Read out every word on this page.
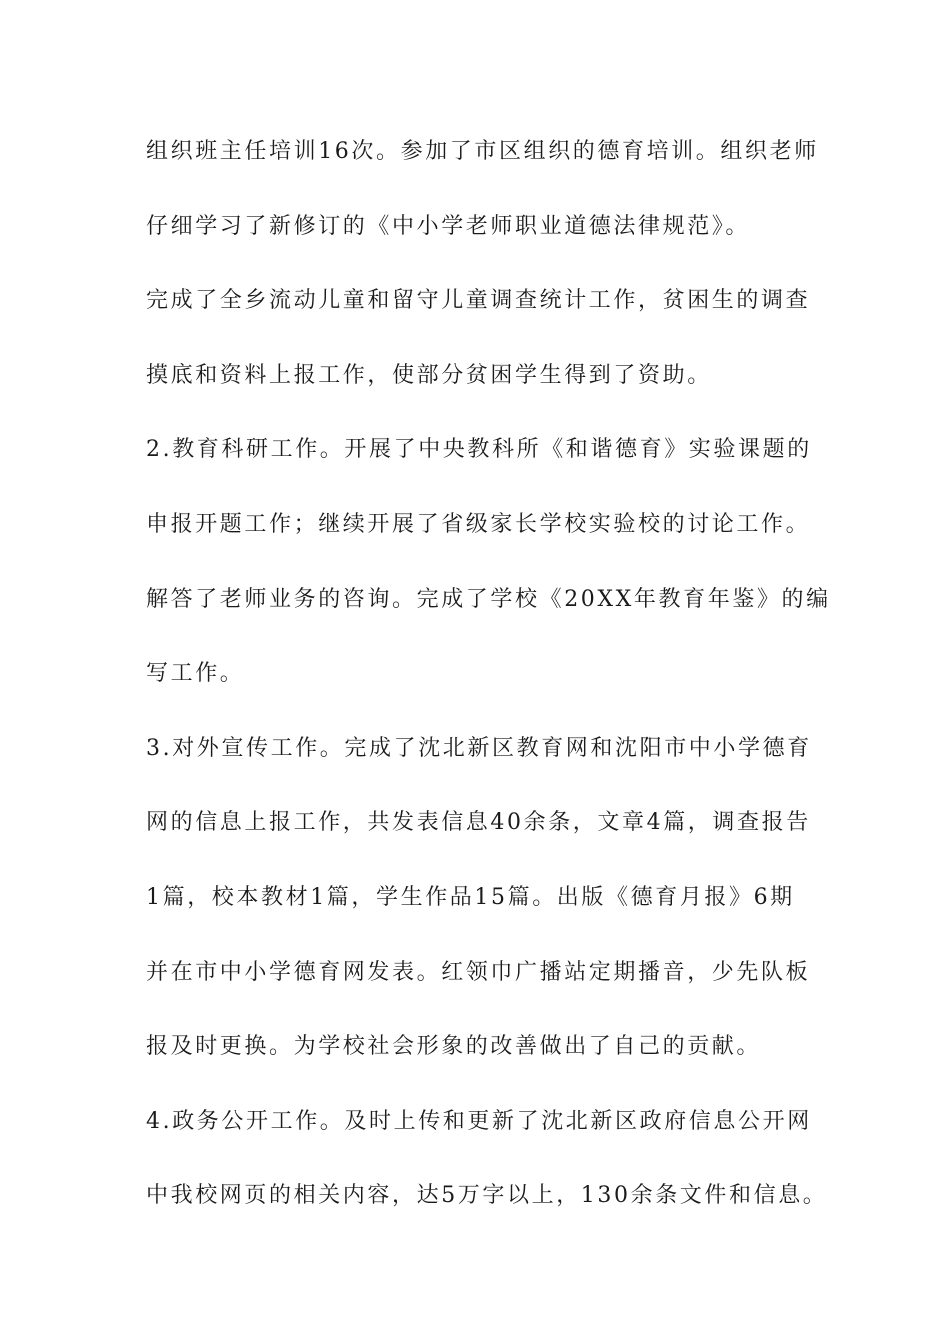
组织班主任培训16次。参加了市区组织的德育培训。组织老师
仔细学习了新修订的《中小学老师职业道德法律规范》。
完成了全乡流动儿童和留守儿童调查统计工作，贫困生的调查
摸底和资料上报工作，使部分贫困学生得到了资助。
2.教育科研工作。开展了中央教科所《和谐德育》实验课题的
申报开题工作；继续开展了省级家长学校实验校的讨论工作。
解答了老师业务的咨询。完成了学校《20XX年教育年鉴》的编
写工作。
3.对外宣传工作。完成了沈北新区教育网和沈阳市中小学德育
网的信息上报工作，共发表信息40余条，文章4篇，调查报告
1篇，校本教材1篇，学生作品15篇。出版《德育月报》6期
并在市中小学德育网发表。红领巾广播站定期播音，少先队板
报及时更换。为学校社会形象的改善做出了自己的贡献。
4.政务公开工作。及时上传和更新了沈北新区政府信息公开网
中我校网页的相关内容，达5万字以上，130余条文件和信息。
